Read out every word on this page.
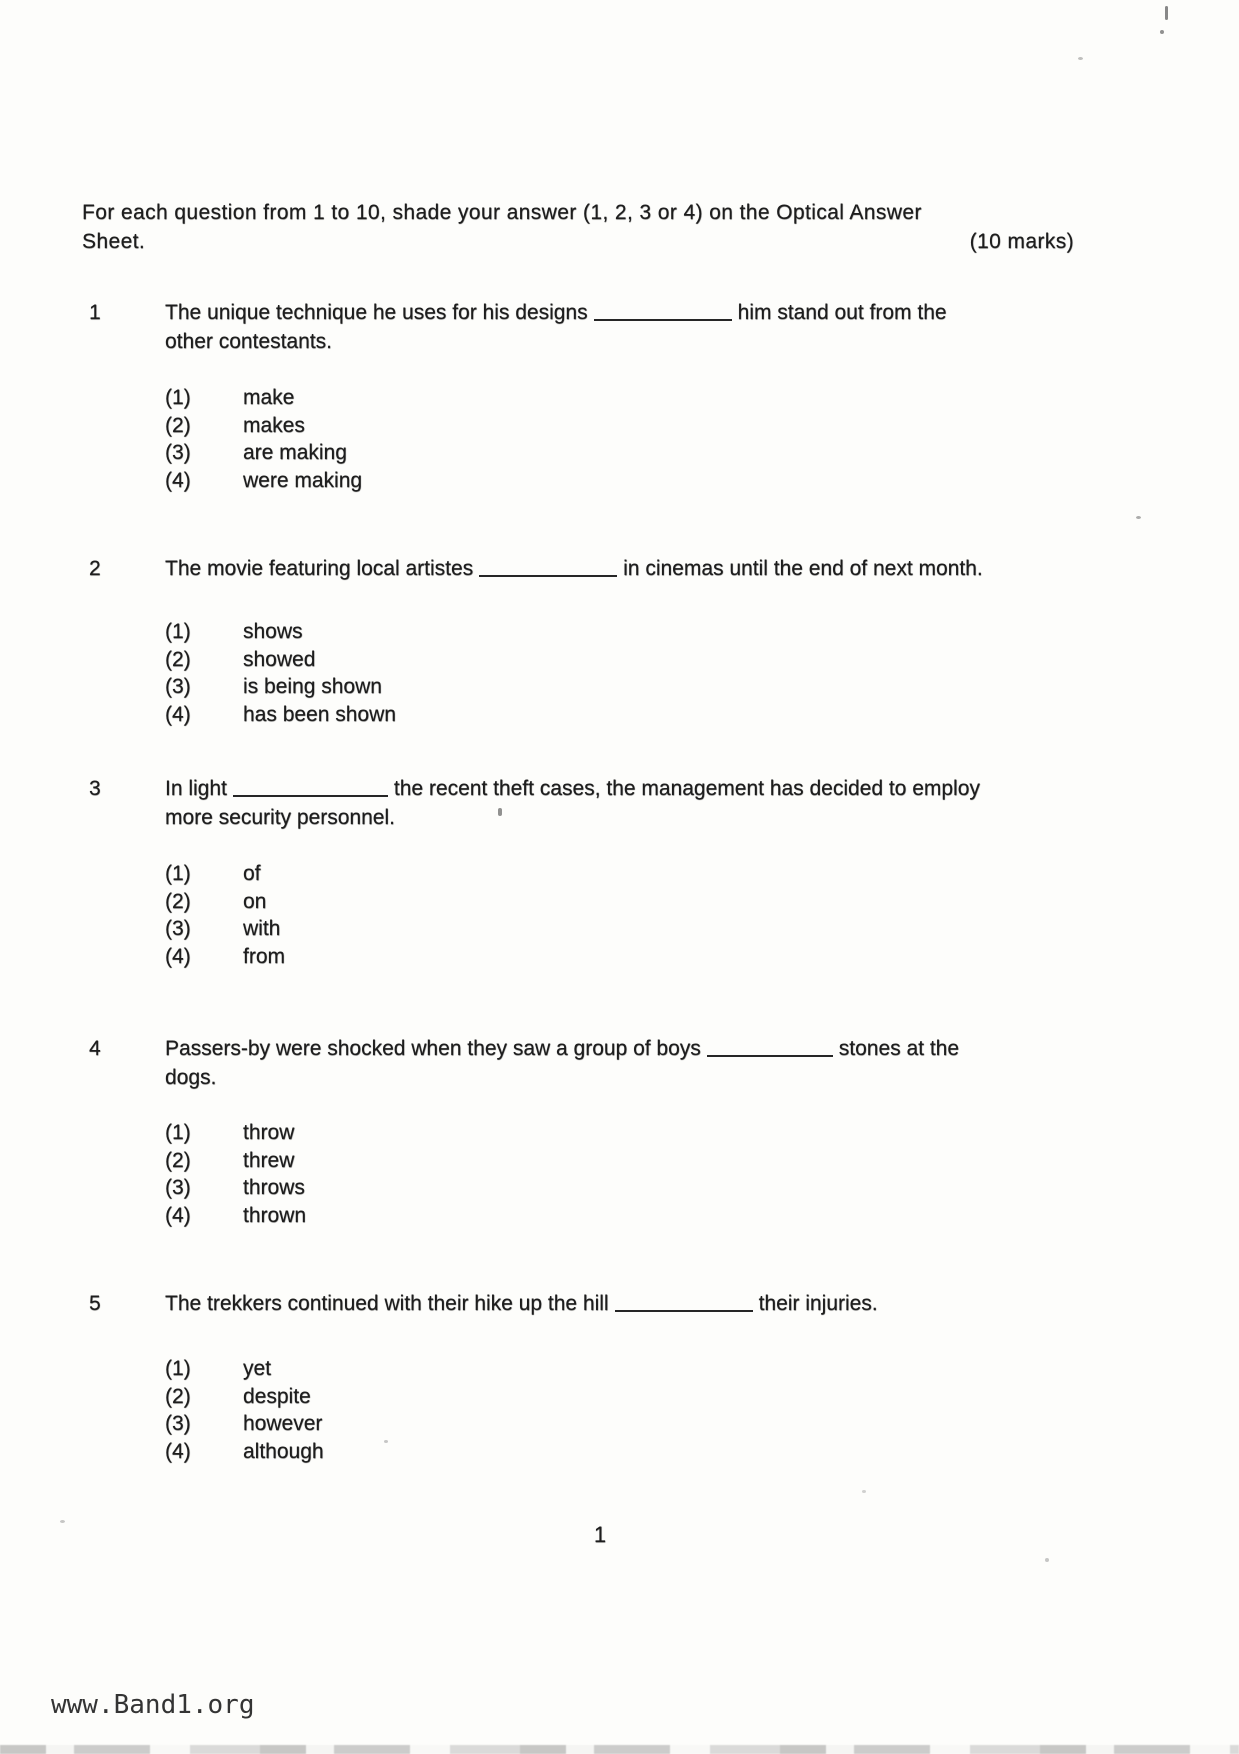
For each question from 1 to 10, shade your answer (1, 2, 3 or 4) on the Optical Answer
Sheet.	(10 marks)
1	The unique technique he uses for his designs	him stand out from the

other contestants.

(1)	make
(2)	makes
(3)	are making
(4)	were making
2	The movie featuring local artistes	in cinemas until the end of next month.

(1)	shows
(2)	showed
(3)	is being shown
(4)	has been shown
3	In light	the recent theft cases, the management has decided to employ

more security personnel.

(1)	of
(2)	on
(3)	with
(4)	from
4	Passers-by were shocked when they saw a group of boys	stones at the

dogs.

(1)	throw
(2)	threw
(3)	throws
(4)	thrown
5	The trekkers continued with their hike up the hill	their injuries.

(1)	yet
(2)	despite
(3)	however
(4)	although
1
www.Band1.org
